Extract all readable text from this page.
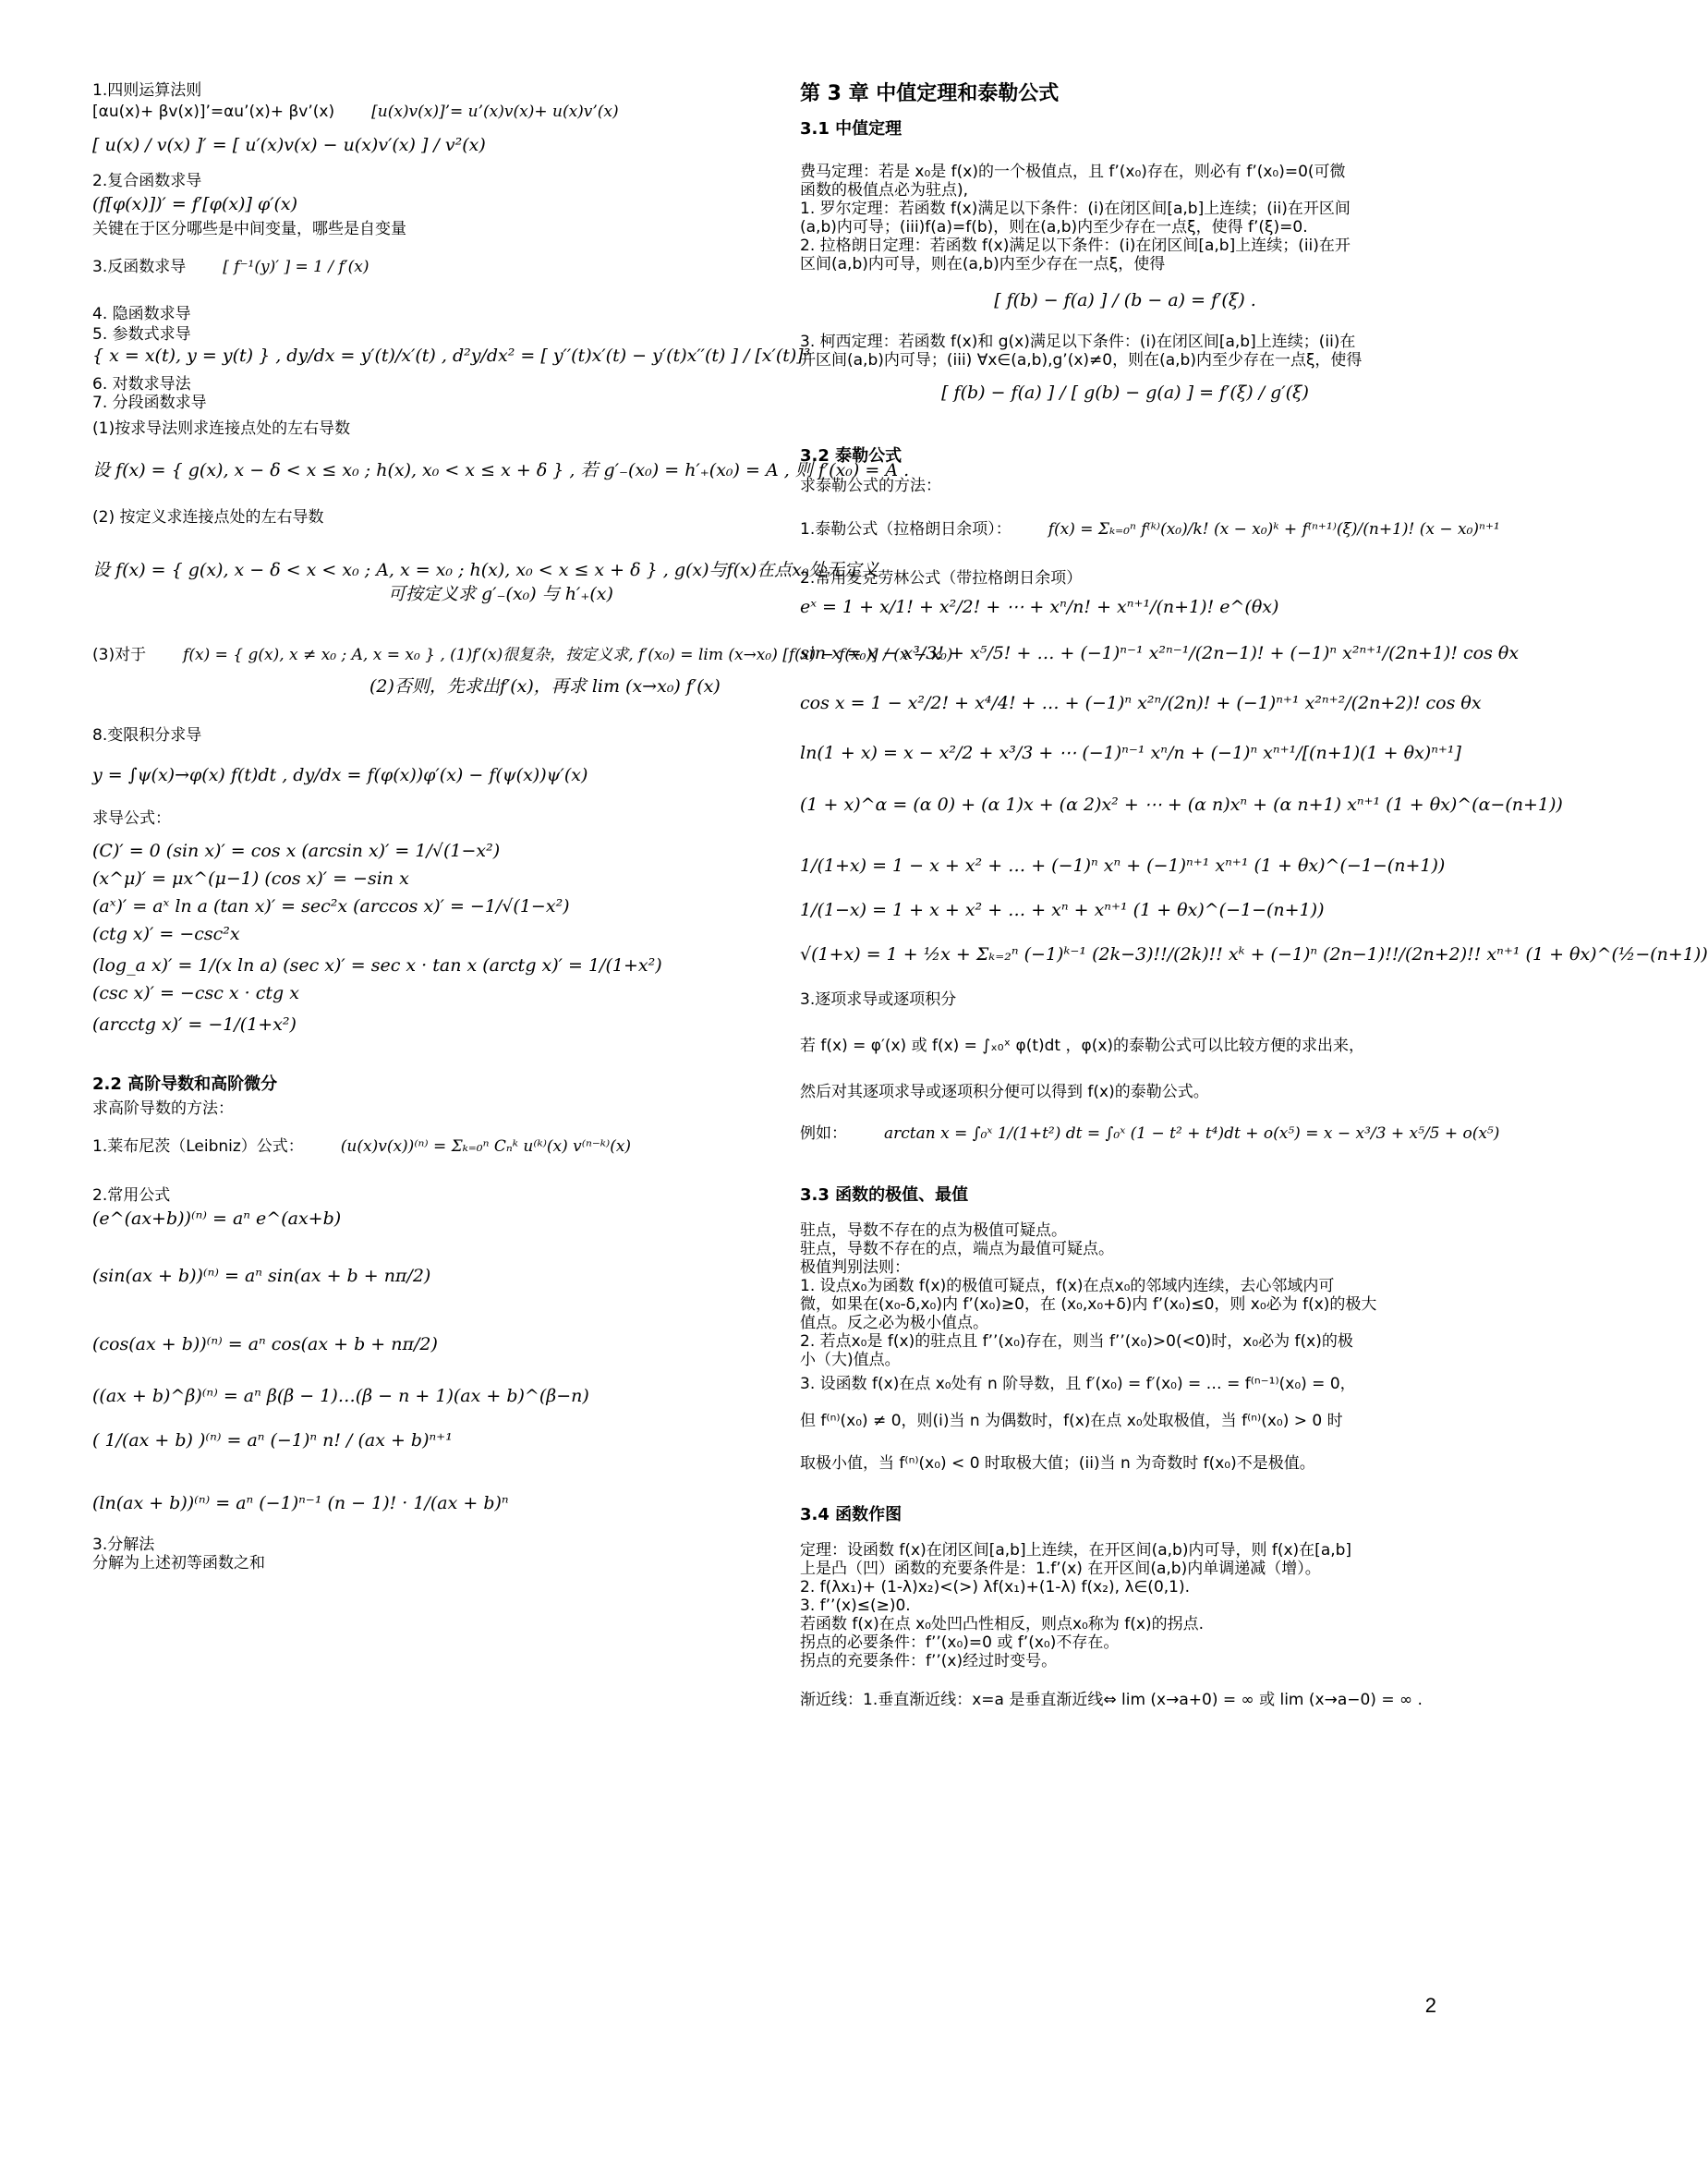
1.四则运算法则
[αu(x)+ βv(x)]’=αu’(x)+ βv’(x) [u(x)v(x)]’= u’(x)v(x)+ u(x)v’(x)
[ u(x) / v(x) ]′ = [ u′(x)v(x) − u(x)v′(x) ] / v²(x)
2.复合函数求导
(f[φ(x)])′ = f′[φ(x)] φ′(x)
关键在于区分哪些是中间变量，哪些是自变量
3.反函数求导 [ f⁻¹(y)′ ] = 1 / f′(x)
4. 隐函数求导
5. 参数式求导
{ x = x(t), y = y(t) } , dy/dx = y′(t)/x′(t) , d²y/dx² = [ y′′(t)x′(t) − y′(t)x′′(t) ] / [x′(t)]³
6. 对数求导法
7. 分段函数求导
(1)按求导法则求连接点处的左右导数
设 f(x) = { g(x), x − δ < x ≤ x₀ ; h(x), x₀ < x ≤ x + δ } , 若 g′₋(x₀) = h′₊(x₀) = A , 则 f′(x₀) = A .
(2) 按定义求连接点处的左右导数
设 f(x) = { g(x), x − δ < x < x₀ ; A, x = x₀ ; h(x), x₀ < x ≤ x + δ } , g(x)与f(x)在点x₀处无定义
可按定义求 g′₋(x₀) 与 h′₊(x)
(3)对于 f(x) = { g(x), x ≠ x₀ ; A, x = x₀ } , (1)f′(x)很复杂，按定义求, f′(x₀) = lim (x→x₀) [f(x) − f(x₀)] / (x − x₀)
(2)否则，先求出f′(x)，再求 lim (x→x₀) f′(x)
8.变限积分求导
y = ∫ψ(x)→φ(x) f(t)dt , dy/dx = f(φ(x))φ′(x) − f(ψ(x))ψ′(x)
求导公式：
(C)′ = 0 (sin x)′ = cos x (arcsin x)′ = 1/√(1−x²)
(x^μ)′ = μx^(μ−1) (cos x)′ = −sin x
(aˣ)′ = aˣ ln a (tan x)′ = sec²x (arccos x)′ = −1/√(1−x²)
(ctg x)′ = −csc²x
(log_a x)′ = 1/(x ln a) (sec x)′ = sec x · tan x (arctg x)′ = 1/(1+x²)
(csc x)′ = −csc x · ctg x
(arcctg x)′ = −1/(1+x²)
2.2 高阶导数和高阶微分
求高阶导数的方法：
1.莱布尼茨（Leibniz）公式： (u(x)v(x))⁽ⁿ⁾ = Σₖ₌₀ⁿ Cₙᵏ u⁽ᵏ⁾(x) v⁽ⁿ⁻ᵏ⁾(x)
2.常用公式
(e^(ax+b))⁽ⁿ⁾ = aⁿ e^(ax+b)
(sin(ax + b))⁽ⁿ⁾ = aⁿ sin(ax + b + nπ/2)
(cos(ax + b))⁽ⁿ⁾ = aⁿ cos(ax + b + nπ/2)
((ax + b)^β)⁽ⁿ⁾ = aⁿ β(β − 1)…(β − n + 1)(ax + b)^(β−n)
( 1/(ax + b) )⁽ⁿ⁾ = aⁿ (−1)ⁿ n! / (ax + b)ⁿ⁺¹
(ln(ax + b))⁽ⁿ⁾ = aⁿ (−1)ⁿ⁻¹ (n − 1)! · 1/(ax + b)ⁿ
3.分解法
分解为上述初等函数之和
第 3 章 中值定理和泰勒公式
3.1 中值定理
费马定理：若是 x₀是 f(x)的一个极值点，且 f’(x₀)存在，则必有 f’(x₀)=0(可微
函数的极值点必为驻点),
1. 罗尔定理：若函数 f(x)满足以下条件：(i)在闭区间[a,b]上连续；(ii)在开区间
(a,b)内可导；(iii)f(a)=f(b)，则在(a,b)内至少存在一点ξ，使得 f’(ξ)=0.
2. 拉格朗日定理：若函数 f(x)满足以下条件：(i)在闭区间[a,b]上连续；(ii)在开
区间(a,b)内可导，则在(a,b)内至少存在一点ξ，使得
[ f(b) − f(a) ] / (b − a) = f′(ξ) .
3. 柯西定理：若函数 f(x)和 g(x)满足以下条件：(i)在闭区间[a,b]上连续；(ii)在
开区间(a,b)内可导；(iii) ∀x∈(a,b),g’(x)≠0，则在(a,b)内至少存在一点ξ，使得
[ f(b) − f(a) ] / [ g(b) − g(a) ] = f′(ξ) / g′(ξ)
3.2 泰勒公式
求泰勒公式的方法：
1.泰勒公式（拉格朗日余项）： f(x) = Σₖ₌₀ⁿ f⁽ᵏ⁾(x₀)/k! (x − x₀)ᵏ + f⁽ⁿ⁺¹⁾(ξ)/(n+1)! (x − x₀)ⁿ⁺¹
2.常用麦克劳林公式（带拉格朗日余项）
eˣ = 1 + x/1! + x²/2! + ⋯ + xⁿ/n! + xⁿ⁺¹/(n+1)! e^(θx)
sin x = x − x³/3! + x⁵/5! + … + (−1)ⁿ⁻¹ x²ⁿ⁻¹/(2n−1)! + (−1)ⁿ x²ⁿ⁺¹/(2n+1)! cos θx
cos x = 1 − x²/2! + x⁴/4! + … + (−1)ⁿ x²ⁿ/(2n)! + (−1)ⁿ⁺¹ x²ⁿ⁺²/(2n+2)! cos θx
ln(1 + x) = x − x²/2 + x³/3 + ⋯ (−1)ⁿ⁻¹ xⁿ/n + (−1)ⁿ xⁿ⁺¹/[(n+1)(1 + θx)ⁿ⁺¹]
(1 + x)^α = (α 0) + (α 1)x + (α 2)x² + ⋯ + (α n)xⁿ + (α n+1) xⁿ⁺¹ (1 + θx)^(α−(n+1))
1/(1+x) = 1 − x + x² + … + (−1)ⁿ xⁿ + (−1)ⁿ⁺¹ xⁿ⁺¹ (1 + θx)^(−1−(n+1))
1/(1−x) = 1 + x + x² + … + xⁿ + xⁿ⁺¹ (1 + θx)^(−1−(n+1))
√(1+x) = 1 + ½x + Σₖ₌₂ⁿ (−1)ᵏ⁻¹ (2k−3)!!/(2k)!! xᵏ + (−1)ⁿ (2n−1)!!/(2n+2)!! xⁿ⁺¹ (1 + θx)^(½−(n+1))
3.逐项求导或逐项积分
若 f(x) = φ′(x) 或 f(x) = ∫ₓ₀ˣ φ(t)dt ，φ(x)的泰勒公式可以比较方便的求出来，
然后对其逐项求导或逐项积分便可以得到 f(x)的泰勒公式。
例如： arctan x = ∫₀ˣ 1/(1+t²) dt = ∫₀ˣ (1 − t² + t⁴)dt + o(x⁵) = x − x³/3 + x⁵/5 + o(x⁵)
3.3 函数的极值、最值
驻点，导数不存在的点为极值可疑点。
驻点，导数不存在的点，端点为最值可疑点。
极值判别法则：
1. 设点x₀为函数 f(x)的极值可疑点，f(x)在点x₀的邻域内连续，去心邻域内可
微，如果在(x₀-δ,x₀)内 f’(x₀)≥0，在 (x₀,x₀+δ)内 f’(x₀)≤0，则 x₀必为 f(x)的极大
值点。反之必为极小值点。
2. 若点x₀是 f(x)的驻点且 f’’(x₀)存在，则当 f’’(x₀)>0(<0)时，x₀必为 f(x)的极
小（大)值点。
3. 设函数 f(x)在点 x₀处有 n 阶导数，且 f′(x₀) = f′(x₀) = … = f⁽ⁿ⁻¹⁾(x₀) = 0，
但 f⁽ⁿ⁾(x₀) ≠ 0，则(i)当 n 为偶数时，f(x)在点 x₀处取极值，当 f⁽ⁿ⁾(x₀) > 0 时
取极小值，当 f⁽ⁿ⁾(x₀) < 0 时取极大值；(ii)当 n 为奇数时 f(x₀)不是极值。
3.4 函数作图
定理：设函数 f(x)在闭区间[a,b]上连续，在开区间(a,b)内可导，则 f(x)在[a,b]
上是凸（凹）函数的充要条件是：1.f’(x) 在开区间(a,b)内单调递减（增）。
2. f(λx₁)+ (1-λ)x₂)<(>) λf(x₁)+(1-λ) f(x₂), λ∈(0,1).
3. f’’(x)≤(≥)0.
若函数 f(x)在点 x₀处凹凸性相反，则点x₀称为 f(x)的拐点.
拐点的必要条件：f’’(x₀)=0 或 f’(x₀)不存在。
拐点的充要条件：f’’(x)经过时变号。
渐近线：1.垂直渐近线：x=a 是垂直渐近线⇔ lim (x→a+0) = ∞ 或 lim (x→a−0) = ∞ .
2
